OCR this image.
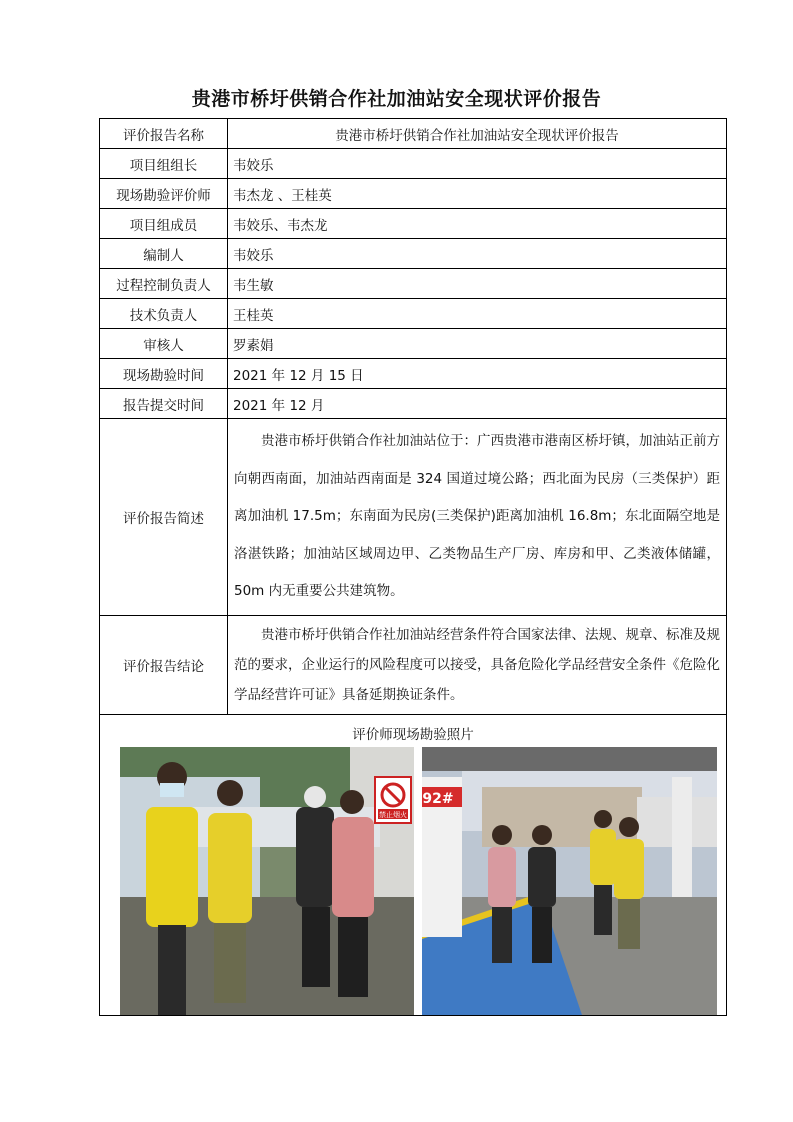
贵港市桥圩供销合作社加油站安全现状评价报告
评价报告名称	贵港市桥圩供销合作社加油站安全现状评价报告
项目组组长	韦姣乐
现场勘验评价师	韦杰龙 、王桂英
项目组成员	韦姣乐、韦杰龙
编制人	韦姣乐
过程控制负责人	韦生敏
技术负责人	王桂英
审核人	罗素娟
现场勘验时间	2021 年 12 月 15 日
报告提交时间	2021 年 12 月
评价报告简述	贵港市桥圩供销合作社加油站位于：广西贵港市港南区桥圩镇，加油站正前方向朝西南面，加油站西南面是 324 国道过境公路；西北面为民房（三类保护）距离加油机 17.5m；东南面为民房(三类保护)距离加油机 16.8m；东北面隔空地是洛湛铁路；加油站区域周边甲、乙类物品生产厂房、库房和甲、乙类液体储罐，50m 内无重要公共建筑物。

评价报告结论	贵港市桥圩供销合作社加油站经营条件符合国家法律、法规、规章、标准及规范的要求，企业运行的风险程度可以接受，具备危险化学品经营安全条件《危险化学品经营许可证》具备延期换证条件。

评价师现场勘验照片
禁止烟火
92#	
